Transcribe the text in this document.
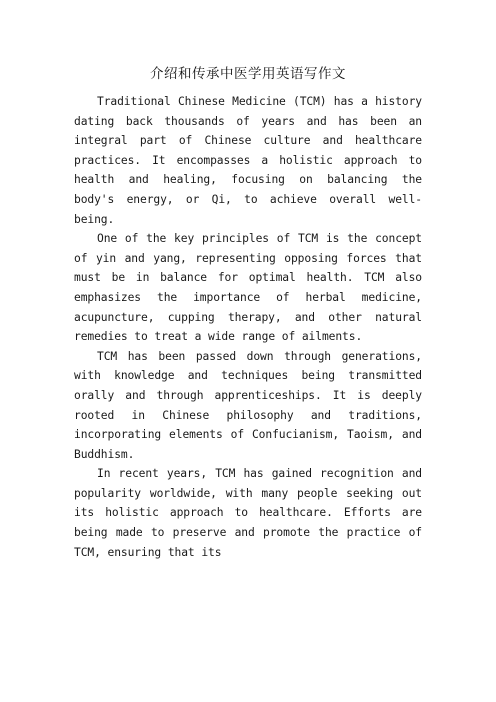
介绍和传承中医学用英语写作文

Traditional Chinese Medicine (TCM) has a history dating back thousands of years and has been an integral part of Chinese culture and healthcare practices. It encompasses a holistic approach to health and healing, focusing on balancing the body's energy, or Qi, to achieve overall well-being.

One of the key principles of TCM is the concept of yin and yang, representing opposing forces that must be in balance for optimal health. TCM also emphasizes the importance of herbal medicine, acupuncture, cupping therapy, and other natural remedies to treat a wide range of ailments.

TCM has been passed down through generations, with knowledge and techniques being transmitted orally and through apprenticeships. It is deeply rooted in Chinese philosophy and traditions, incorporating elements of Confucianism, Taoism, and Buddhism.

In recent years, TCM has gained recognition and popularity worldwide, with many people seeking out its holistic approach to healthcare. Efforts are being made to preserve and promote the practice of TCM, ensuring that its
